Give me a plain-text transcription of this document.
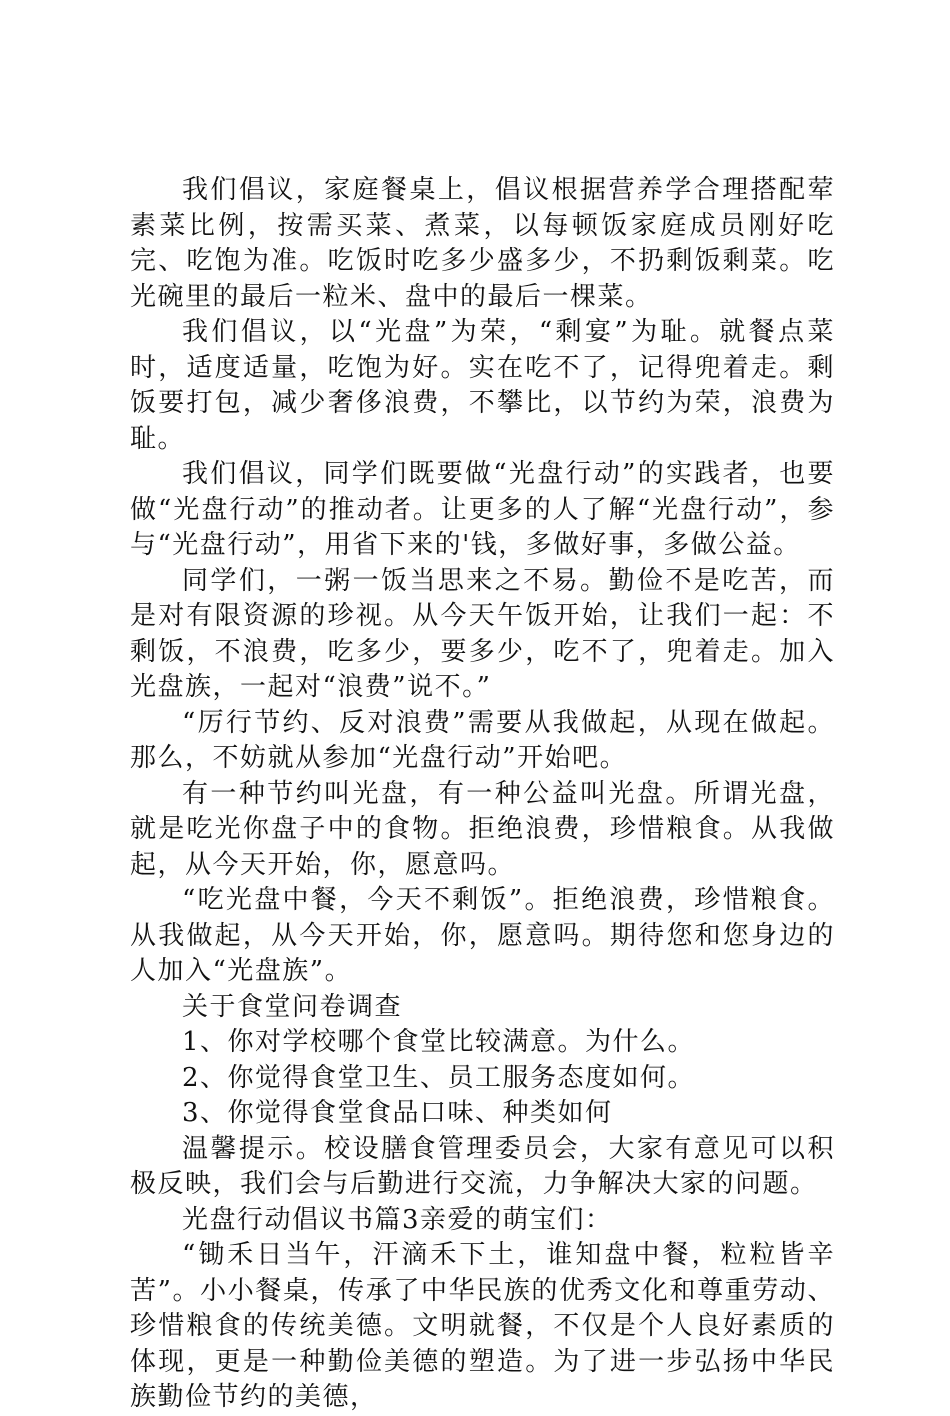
我们倡议，家庭餐桌上，倡议根据营养学合理搭配荤素菜比例，按需买菜、煮菜，以每顿饭家庭成员刚好吃完、吃饱为准。吃饭时吃多少盛多少，不扔剩饭剩菜。吃光碗里的最后一粒米、盘中的最后一棵菜。

我们倡议，以“光盘”为荣，“剩宴”为耻。就餐点菜时，适度适量，吃饱为好。实在吃不了，记得兜着走。剩饭要打包，减少奢侈浪费，不攀比，以节约为荣，浪费为耻。

我们倡议，同学们既要做“光盘行动”的实践者，也要做“光盘行动”的推动者。让更多的人了解“光盘行动”，参与“光盘行动”，用省下来的'钱，多做好事，多做公益。

同学们，一粥一饭当思来之不易。勤俭不是吃苦，而是对有限资源的珍视。从今天午饭开始，让我们一起：不剩饭，不浪费，吃多少，要多少，吃不了，兜着走。加入光盘族，一起对“浪费”说不。”

“厉行节约、反对浪费”需要从我做起，从现在做起。那么，不妨就从参加“光盘行动”开始吧。

有一种节约叫光盘，有一种公益叫光盘。所谓光盘，就是吃光你盘子中的食物。拒绝浪费，珍惜粮食。从我做起，从今天开始，你，愿意吗。

“吃光盘中餐，今天不剩饭”。拒绝浪费，珍惜粮食。从我做起，从今天开始，你，愿意吗。期待您和您身边的人加入“光盘族”。

关于食堂问卷调查

1、你对学校哪个食堂比较满意。为什么。

2、你觉得食堂卫生、员工服务态度如何。

3、你觉得食堂食品口味、种类如何

温馨提示。校设膳食管理委员会，大家有意见可以积极反映，我们会与后勤进行交流，力争解决大家的问题。

光盘行动倡议书篇3亲爱的萌宝们：

“锄禾日当午，汗滴禾下土，谁知盘中餐，粒粒皆辛苦”。小小餐桌，传承了中华民族的优秀文化和尊重劳动、珍惜粮食的传统美德。文明就餐，不仅是个人良好素质的体现，更是一种勤俭美德的塑造。为了进一步弘扬中华民族勤俭节约的美德，
